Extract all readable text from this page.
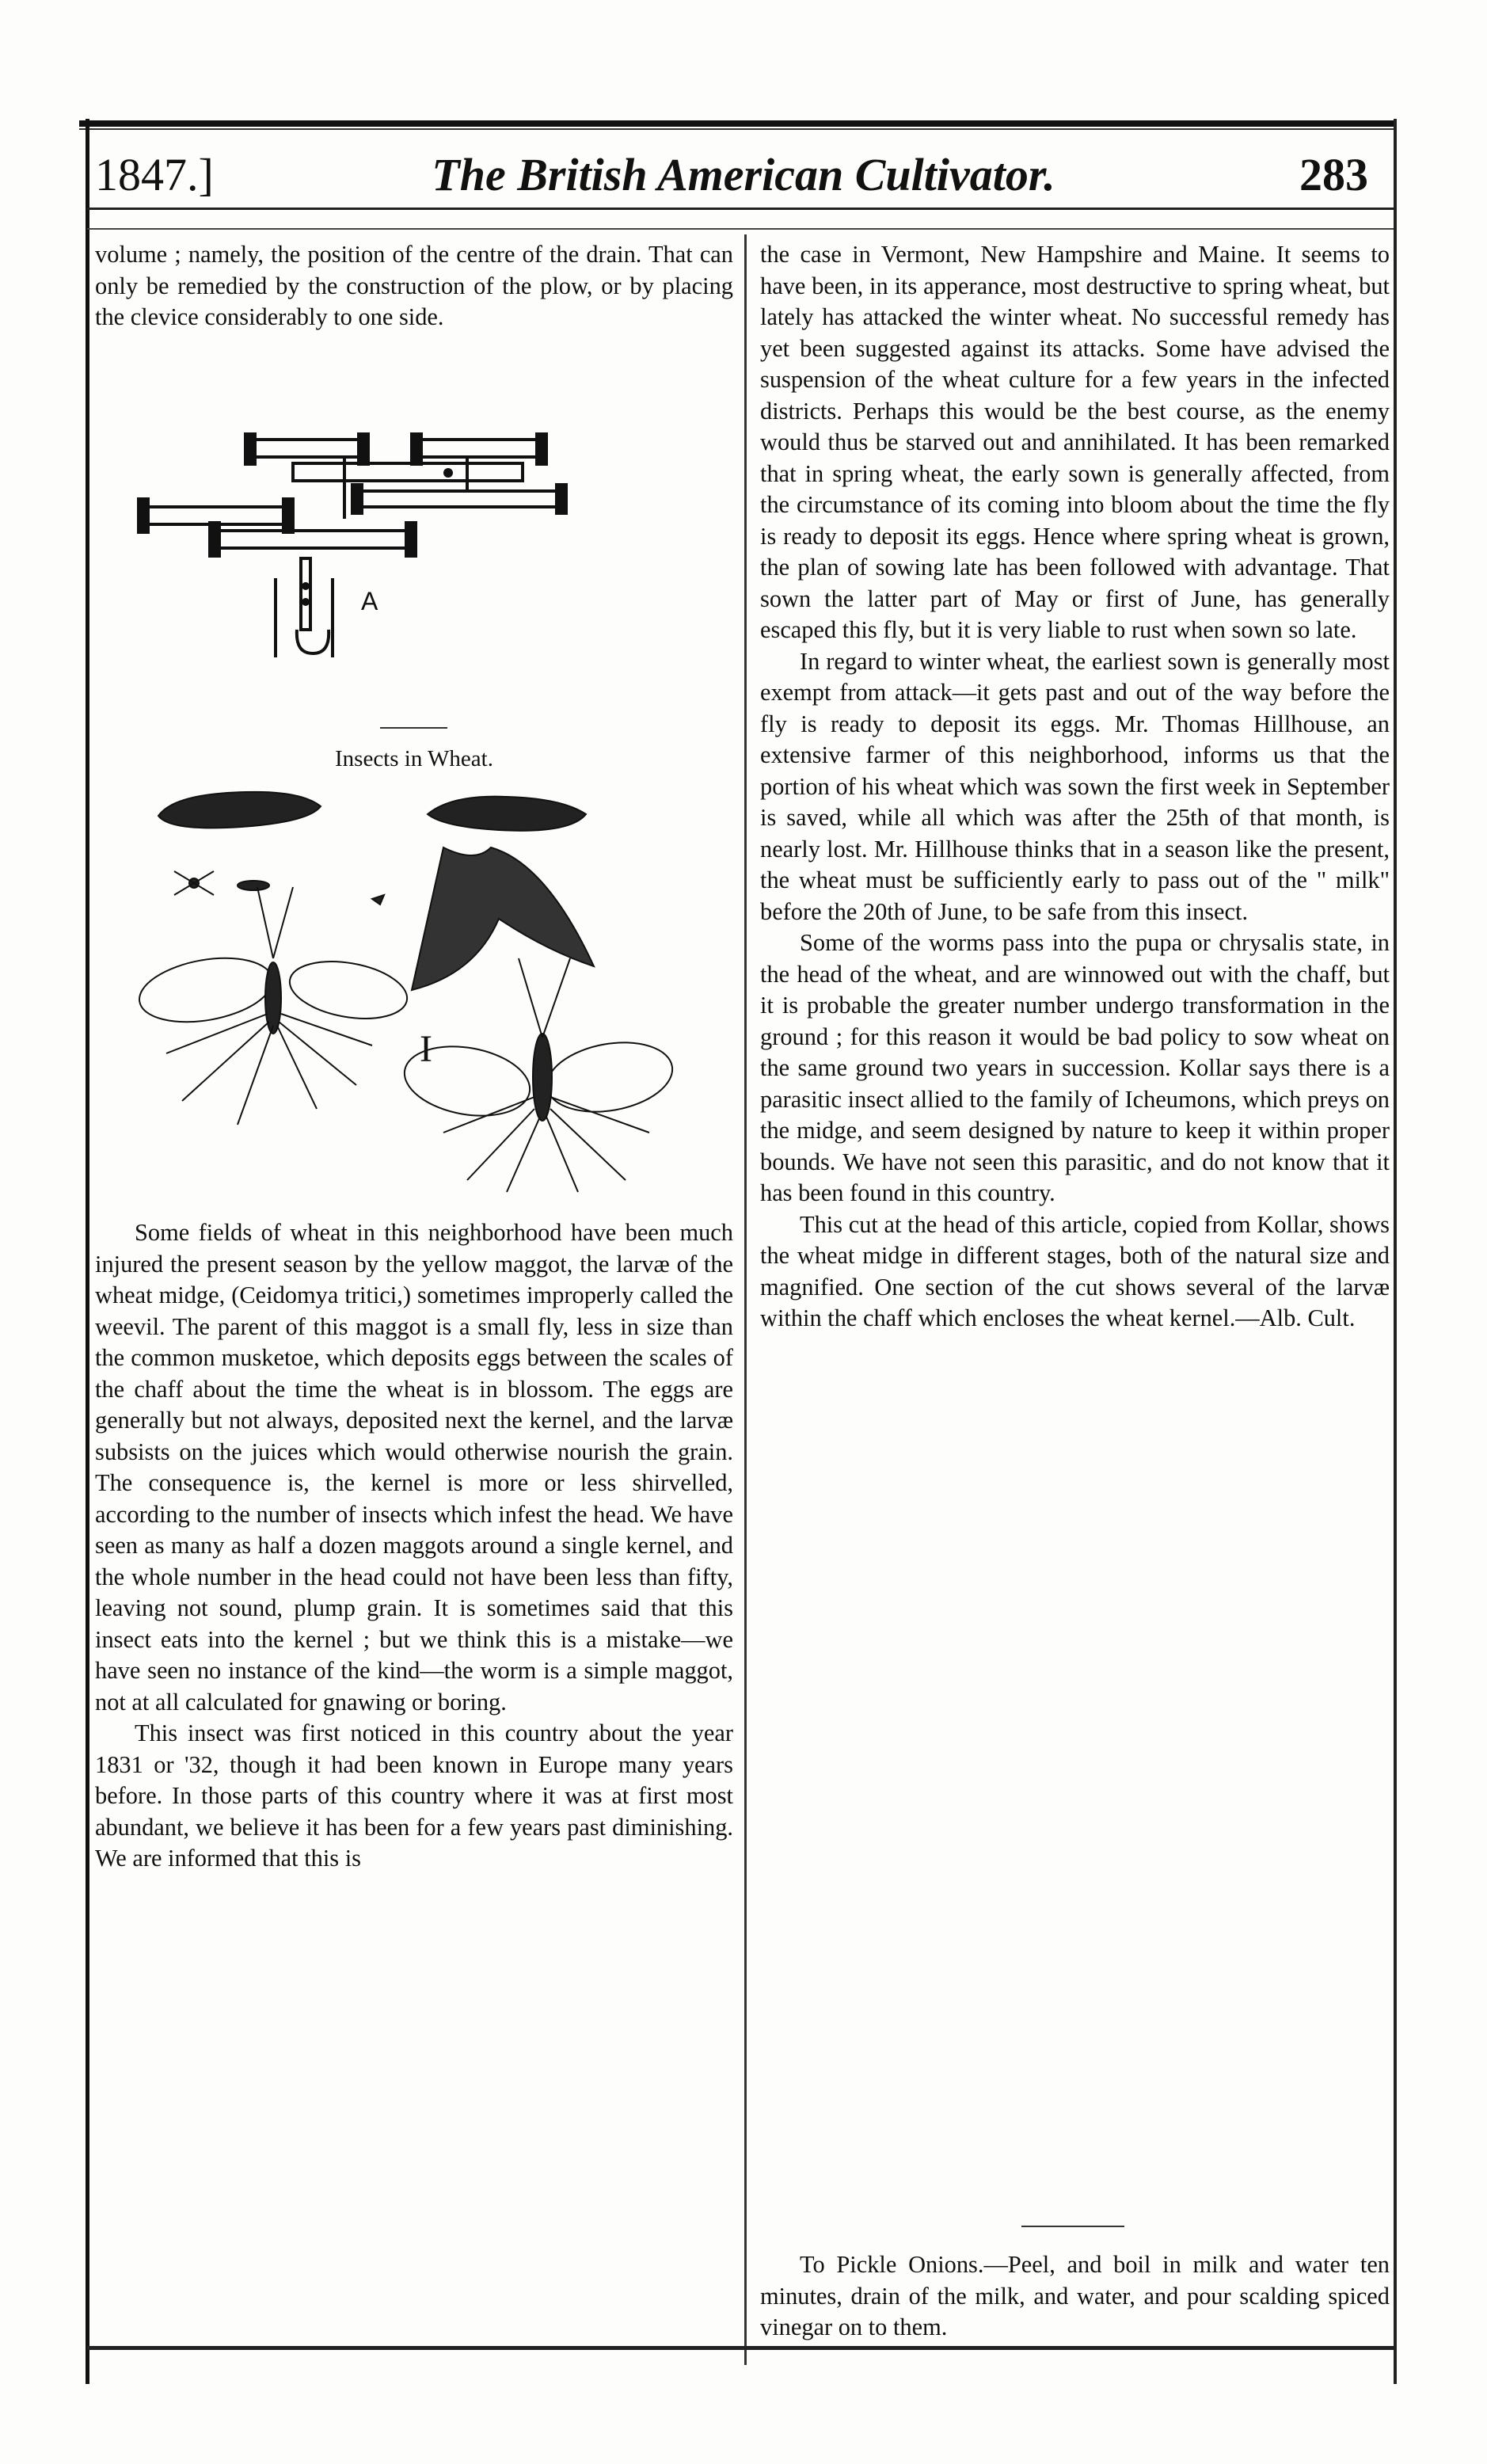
1847.]	The British American Cultivator.	283

volume ; namely, the position of the centre of the drain. That can only be remedied by the construction of the plow, or by placing the clevice considerably to one side.

A
Insects in Wheat.
I

Some fields of wheat in this neighborhood have been much injured the present season by the yellow maggot, the larvæ of the wheat midge, (Ceidomya tritici,) sometimes improperly called the weevil. The parent of this maggot is a small fly, less in size than the common musketoe, which deposits eggs between the scales of the chaff about the time the wheat is in blossom. The eggs are generally but not always, deposited next the kernel, and the larvæ subsists on the juices which would otherwise nourish the grain. The consequence is, the kernel is more or less shirvelled, according to the number of insects which infest the head. We have seen as many as half a dozen maggots around a single kernel, and the whole number in the head could not have been less than fifty, leaving not sound, plump grain. It is sometimes said that this insect eats into the kernel ; but we think this is a mistake—we have seen no instance of the kind—the worm is a simple maggot, not at all calculated for gnawing or boring.

This insect was first noticed in this country about the year 1831 or '32, though it had been known in Europe many years before. In those parts of this country where it was at first most abundant, we believe it has been for a few years past diminishing. We are informed that this is

the case in Vermont, New Hampshire and Maine. It seems to have been, in its apperance, most destructive to spring wheat, but lately has attacked the winter wheat. No successful remedy has yet been suggested against its attacks. Some have advised the suspension of the wheat culture for a few years in the infected districts. Perhaps this would be the best course, as the enemy would thus be starved out and annihilated. It has been remarked that in spring wheat, the early sown is generally affected, from the circumstance of its coming into bloom about the time the fly is ready to deposit its eggs. Hence where spring wheat is grown, the plan of sowing late has been followed with advantage. That sown the latter part of May or first of June, has generally escaped this fly, but it is very liable to rust when sown so late.

In regard to winter wheat, the earliest sown is generally most exempt from attack—it gets past and out of the way before the fly is ready to deposit its eggs. Mr. Thomas Hillhouse, an extensive farmer of this neighborhood, informs us that the portion of his wheat which was sown the first week in September is saved, while all which was after the 25th of that month, is nearly lost. Mr. Hillhouse thinks that in a season like the present, the wheat must be sufficiently early to pass out of the " milk" before the 20th of June, to be safe from this insect.

Some of the worms pass into the pupa or chrysalis state, in the head of the wheat, and are winnowed out with the chaff, but it is probable the greater number undergo transformation in the ground ; for this reason it would be bad policy to sow wheat on the same ground two years in succession. Kollar says there is a parasitic insect allied to the family of Icheumons, which preys on the midge, and seem designed by nature to keep it within proper bounds. We have not seen this parasitic, and do not know that it has been found in this country.

This cut at the head of this article, copied from Kollar, shows the wheat midge in different stages, both of the natural size and magnified. One section of the cut shows several of the larvæ within the chaff which encloses the wheat kernel.—Alb. Cult.

To Pickle Onions.—Peel, and boil in milk and water ten minutes, drain of the milk, and water, and pour scalding spiced vinegar on to them.
